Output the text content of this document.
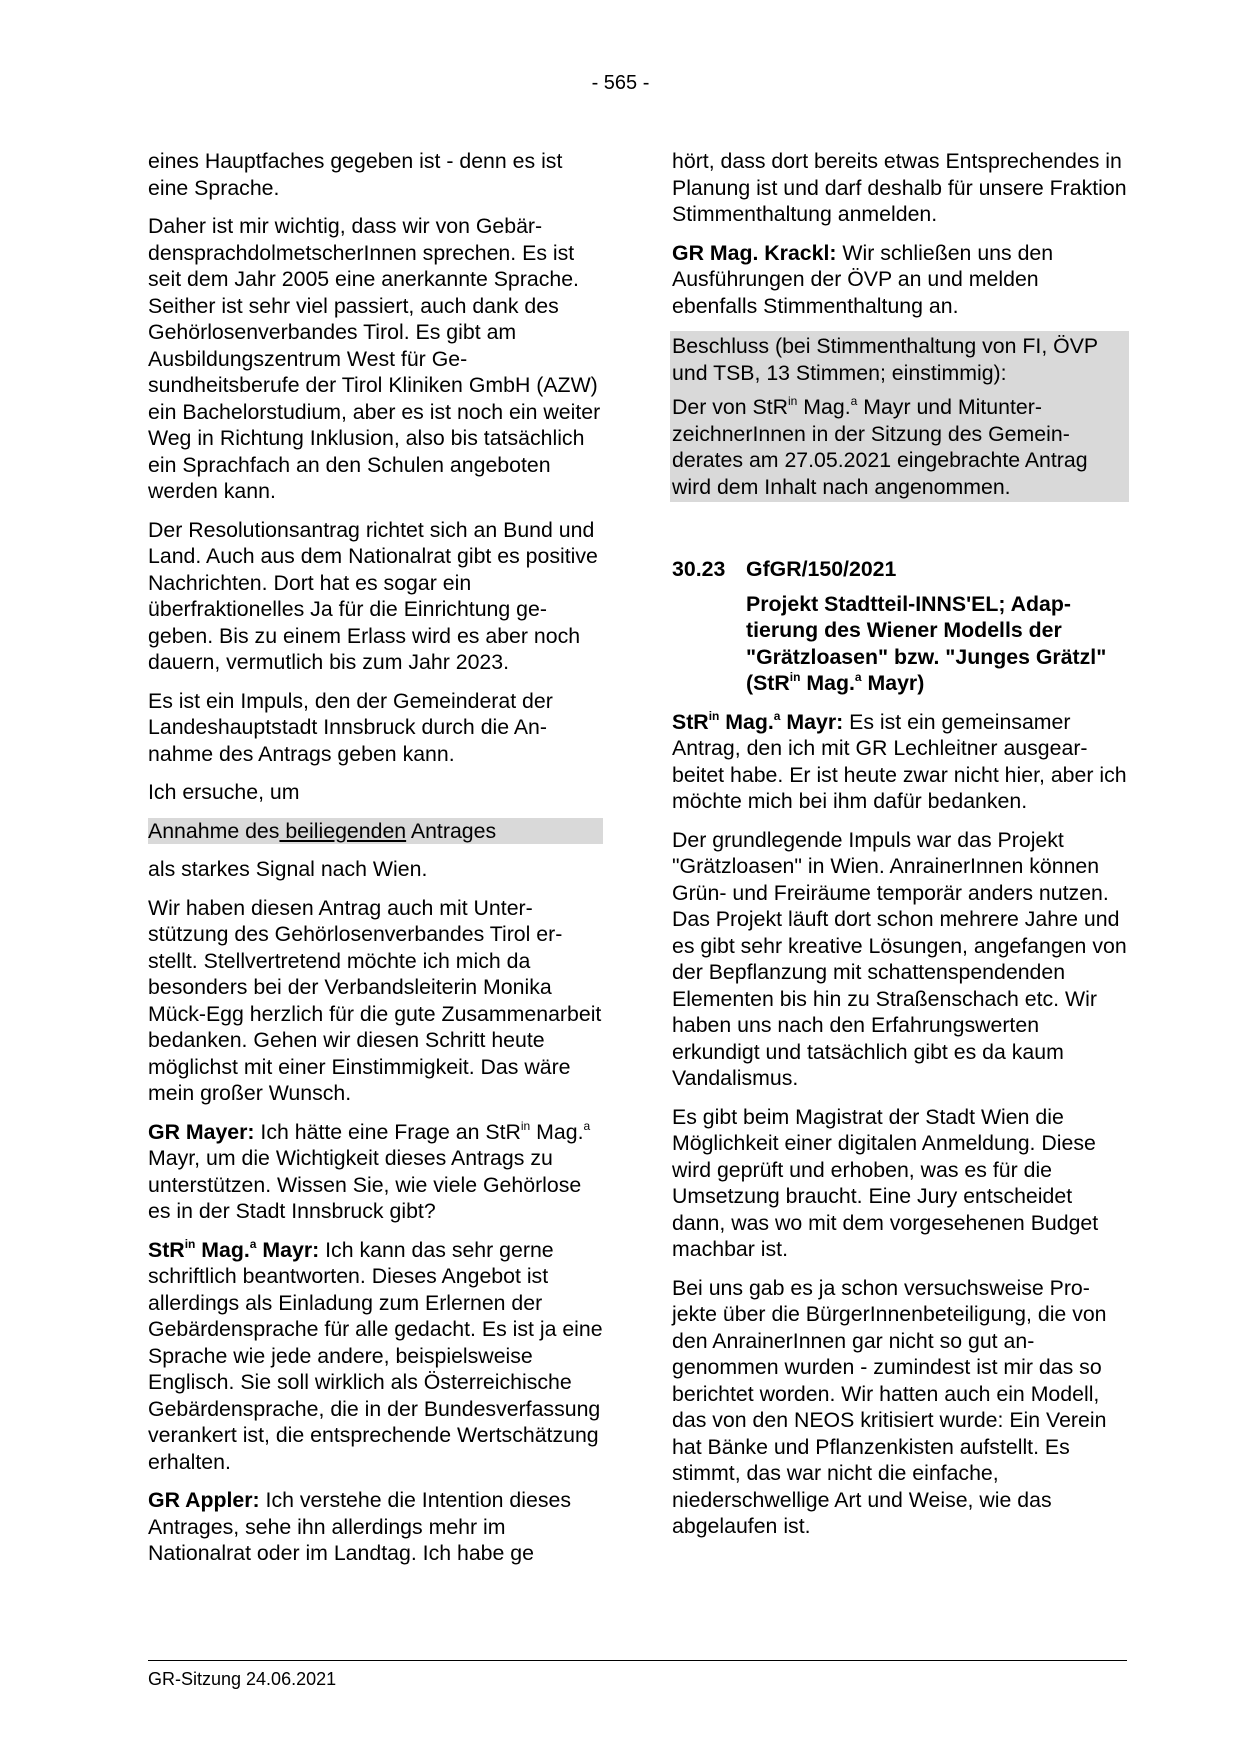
- 565 -

eines Hauptfaches gegeben ist - denn es ist eine Sprache.

Daher ist mir wichtig, dass wir von GebärdensprachdolmetscherInnen sprechen. Es ist seit dem Jahr 2005 eine anerkannte Sprache. Seither ist sehr viel passiert, auch dank des Gehörlosenverbandes Tirol. Es gibt am Ausbildungszentrum West für Gesundheitsberufe der Tirol Kliniken GmbH (AZW) ein Bachelorstudium, aber es ist noch ein weiter Weg in Richtung Inklusion, also bis tatsächlich ein Sprachfach an den Schulen angeboten werden kann.

Der Resolutionsantrag richtet sich an Bund und Land. Auch aus dem Nationalrat gibt es positive Nachrichten. Dort hat es sogar ein überfraktionelles Ja für die Einrichtung gegeben. Bis zu einem Erlass wird es aber noch dauern, vermutlich bis zum Jahr 2023.

Es ist ein Impuls, den der Gemeinderat der Landeshauptstadt Innsbruck durch die Annahme des Antrags geben kann.

Ich ersuche, um

Annahme des beiliegenden Antrages

als starkes Signal nach Wien.

Wir haben diesen Antrag auch mit Unterstützung des Gehörlosenverbandes Tirol erstellt. Stellvertretend möchte ich mich da besonders bei der Verbandsleiterin Monika Mück-Egg herzlich für die gute Zusammenarbeit bedanken. Gehen wir diesen Schritt heute möglichst mit einer Einstimmigkeit. Das wäre mein großer Wunsch.

GR Mayer: Ich hätte eine Frage an StR$^{in}$ Mag.$^a$ Mayr, um die Wichtigkeit dieses Antrags zu unterstützen. Wissen Sie, wie viele Gehörlose es in der Stadt Innsbruck gibt?

StR$^{in}$ Mag.$^a$ Mayr: Ich kann das sehr gerne schriftlich beantworten. Dieses Angebot ist allerdings als Einladung zum Erlernen der Gebärdensprache für alle gedacht. Es ist ja eine Sprache wie jede andere, beispielsweise Englisch. Sie soll wirklich als Österreichische Gebärdensprache, die in der Bundesverfassung verankert ist, die entsprechende Wertschätzung erhalten.

GR Appler: Ich verstehe die Intention dieses Antrages, sehe ihn allerdings mehr im Nationalrat oder im Landtag. Ich habe ge

hört, dass dort bereits etwas Entsprechendes in Planung ist und darf deshalb für unsere Fraktion Stimmenthaltung anmelden.

GR Mag. Krackl: Wir schließen uns den Ausführungen der ÖVP an und melden ebenfalls Stimmenthaltung an.

Beschluss (bei Stimmenthaltung von FI, ÖVP und TSB, 13 Stimmen; einstimmig):

Der von StR$^{in}$ Mag.$^a$ Mayr und MitunterzeichnerInnen in der Sitzung des Gemeinderates am 27.05.2021 eingebrachte Antrag wird dem Inhalt nach angenommen.

30.23 GfGR/150/2021
Projekt Stadtteil-INNS'EL; Adaptierung des Wiener Modells der "Grätzloasen" bzw. "Junges Grätzl" (StR$^{in}$ Mag.$^a$ Mayr)

StR$^{in}$ Mag.$^a$ Mayr: Es ist ein gemeinsamer Antrag, den ich mit GR Lechleitner ausgearbeitet habe. Er ist heute zwar nicht hier, aber ich möchte mich bei ihm dafür bedanken.

Der grundlegende Impuls war das Projekt "Grätzloasen" in Wien. AnrainerInnen können Grün- und Freiräume temporär anders nutzen. Das Projekt läuft dort schon mehrere Jahre und es gibt sehr kreative Lösungen, angefangen von der Bepflanzung mit schattenspendenden Elementen bis hin zu Straßenschach etc. Wir haben uns nach den Erfahrungswerten erkundigt und tatsächlich gibt es da kaum Vandalismus.

Es gibt beim Magistrat der Stadt Wien die Möglichkeit einer digitalen Anmeldung. Diese wird geprüft und erhoben, was es für die Umsetzung braucht. Eine Jury entscheidet dann, was wo mit dem vorgesehenen Budget machbar ist.

Bei uns gab es ja schon versuchsweise Projekte über die BürgerInnenbeteiligung, die von den AnrainerInnen gar nicht so gut angenommen wurden - zumindest ist mir das so berichtet worden. Wir hatten auch ein Modell, das von den NEOS kritisiert wurde: Ein Verein hat Bänke und Pflanzenkisten aufstellt. Es stimmt, das war nicht die einfache, niederschwellige Art und Weise, wie das abgelaufen ist.

GR-Sitzung 24.06.2021
